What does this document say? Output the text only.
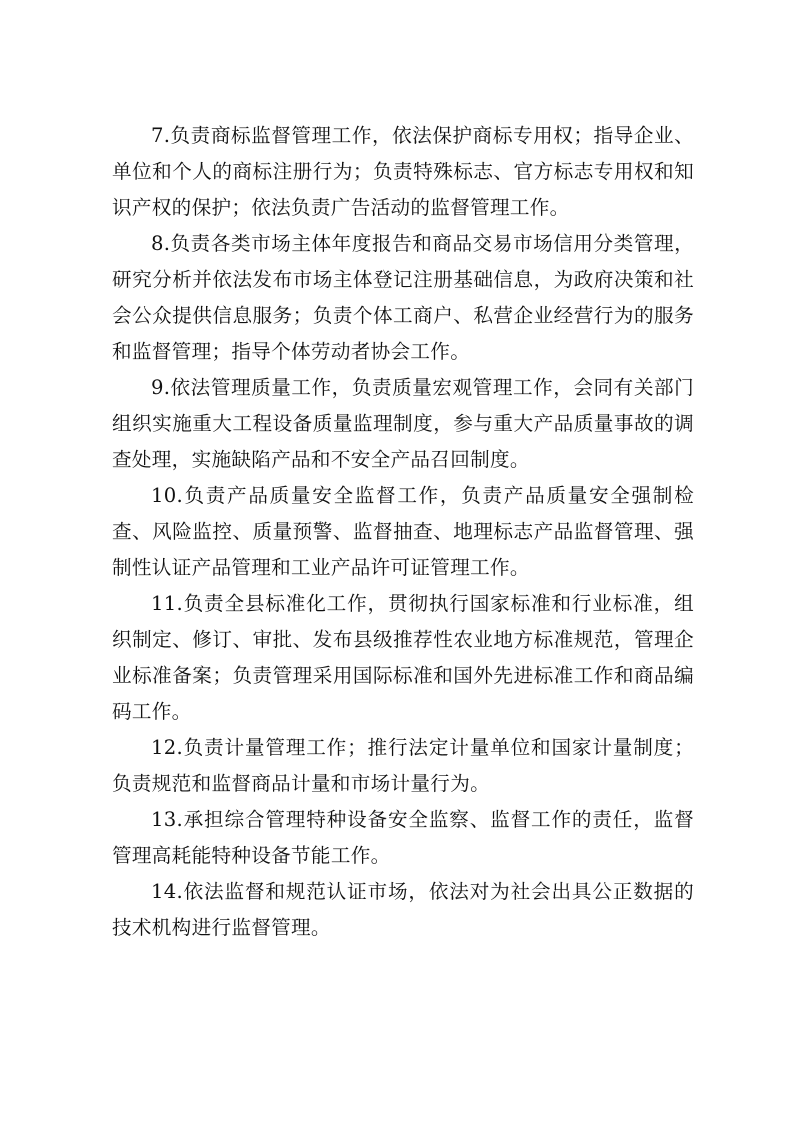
7.负责商标监督管理工作，依法保护商标专用权；指导企业、单位和个人的商标注册行为；负责特殊标志、官方标志专用权和知识产权的保护；依法负责广告活动的监督管理工作。

8.负责各类市场主体年度报告和商品交易市场信用分类管理，研究分析并依法发布市场主体登记注册基础信息，为政府决策和社会公众提供信息服务；负责个体工商户、私营企业经营行为的服务和监督管理；指导个体劳动者协会工作。

9.依法管理质量工作，负责质量宏观管理工作，会同有关部门组织实施重大工程设备质量监理制度，参与重大产品质量事故的调查处理，实施缺陷产品和不安全产品召回制度。

10.负责产品质量安全监督工作，负责产品质量安全强制检查、风险监控、质量预警、监督抽查、地理标志产品监督管理、强制性认证产品管理和工业产品许可证管理工作。

11.负责全县标准化工作，贯彻执行国家标准和行业标准，组织制定、修订、审批、发布县级推荐性农业地方标准规范，管理企业标准备案；负责管理采用国际标准和国外先进标准工作和商品编码工作。

12.负责计量管理工作；推行法定计量单位和国家计量制度；负责规范和监督商品计量和市场计量行为。

13.承担综合管理特种设备安全监察、监督工作的责任，监督管理高耗能特种设备节能工作。

14.依法监督和规范认证市场，依法对为社会出具公正数据的技术机构进行监督管理。
